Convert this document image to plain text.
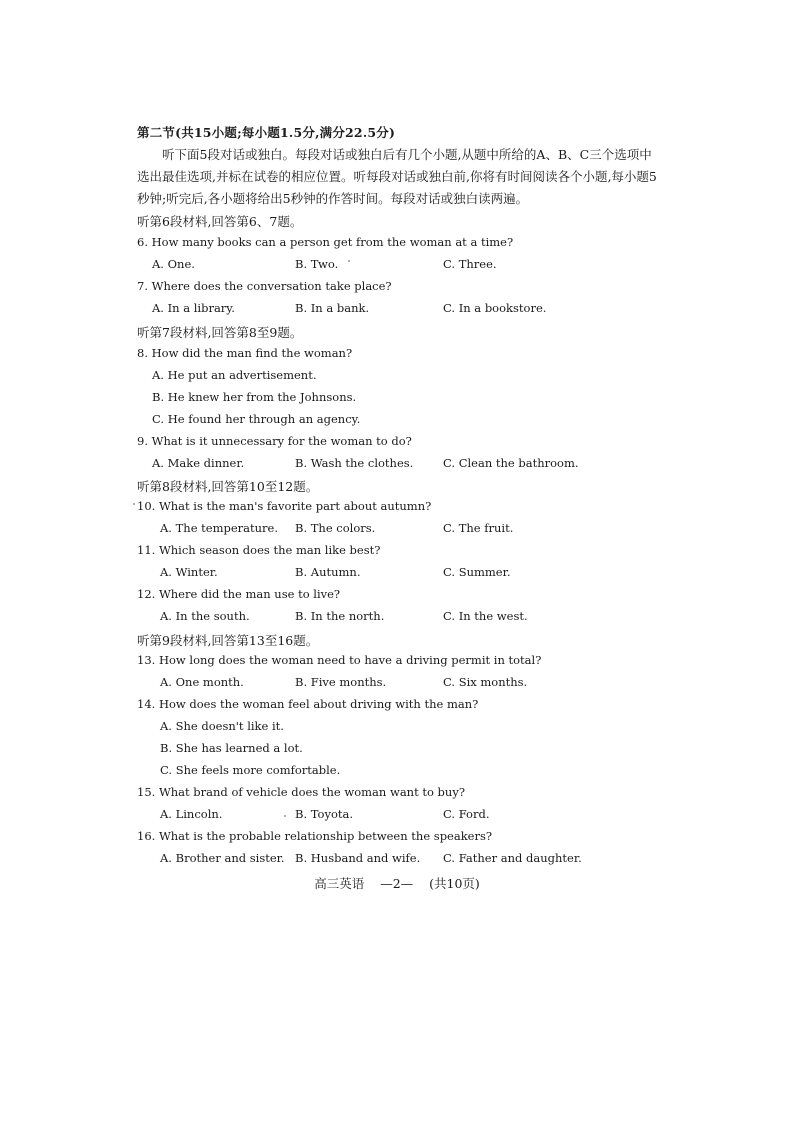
第二节(共15小题;每小题1.5分,满分22.5分)

听下面5段对话或独白。每段对话或独白后有几个小题,从题中所给的A、B、C三个选项中选出最佳选项,并标在试卷的相应位置。听每段对话或独白前,你将有时间阅读各个小题,每小题5秒钟;听完后,各小题将给出5秒钟的作答时间。每段对话或独白读两遍。

听第6段材料,回答第6、7题。
6. How many books can a person get from the woman at a time?
A. One.	B. Two.	C. Three.
7. Where does the conversation take place?
A. In a library.	B. In a bank.	C. In a bookstore.
听第7段材料,回答第8至9题。
8. How did the man find the woman?
A. He put an advertisement.
B. He knew her from the Johnsons.
C. He found her through an agency.
9. What is it unnecessary for the woman to do?
A. Make dinner.	B. Wash the clothes.	C. Clean the bathroom.
听第8段材料,回答第10至12题。
10. What is the man's favorite part about autumn?
A. The temperature. B. The colors.	C. The fruit.
11. Which season does the man like best?
A. Winter.	B. Autumn.	C. Summer.
12. Where did the man use to live?
A. In the south.	B. In the north.	C. In the west.
听第9段材料,回答第13至16题。
13. How long does the woman need to have a driving permit in total?
A. One month.	B. Five months.	C. Six months.
14. How does the woman feel about driving with the man?
A. She doesn't like it.
B. She has learned a lot.
C. She feels more comfortable.
15. What brand of vehicle does the woman want to buy?
A. Lincoln.	B. Toyota.	C. Ford.
16. What is the probable relationship between the speakers?
A. Brother and sister. B. Husband and wife. C. Father and daughter.
高三英语 —2— (共10页)
